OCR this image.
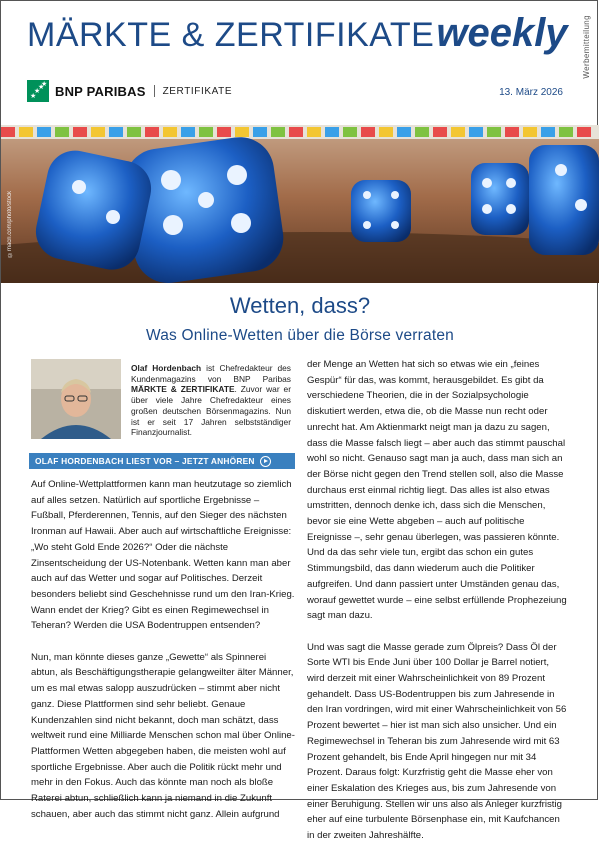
MÄRKTE & ZERTIFIKATEweekly Werbemitteilung
★
★
★
★ BNP PARIBAS ZERTIFIKATE	13. März 2026
©macri.com/photo/stock
Wetten, dass?
Was Online-Wetten über die Börse verraten
Olaf Hordenbach ist Chefredakteur des Kundenmagazins von BNP Paribas MÄRKTE & ZERTIFIKATE. Zuvor war er über viele Jahre Chefredakteur eines großen deutschen Börsenmagazins. Nun ist er seit 17 Jahren selbstständiger Finanzjournalist.
OLAF HORDENBACH LIEST VOR – JETZT ANHÖREN

Auf Online-Wettplattformen kann man heutzutage so ziemlich auf alles setzen. Natürlich auf sportliche Ergebnisse – Fußball, Pferderennen, Tennis, auf den Sieger des nächsten Ironman auf Hawaii. Aber auch auf wirtschaftliche Ereignisse: „Wo steht Gold Ende 2026?“ Oder die nächste Zinsentscheidung der US-Notenbank. Wetten kann man aber auch auf das Wetter und sogar auf Politisches. Derzeit besonders beliebt sind Geschehnisse rund um den Iran-Krieg. Wann endet der Krieg? Gibt es einen Regimewechsel in Teheran? Werden die USA Bodentruppen entsenden?

Nun, man könnte dieses ganze „Gewette“ als Spinnerei abtun, als Beschäftigungstherapie gelangweilter älter Männer, um es mal etwas salopp auszudrücken – stimmt aber nicht ganz. Diese Plattformen sind sehr beliebt. Genaue Kundenzahlen sind nicht bekannt, doch man schätzt, dass weltweit rund eine Milliarde Menschen schon mal über Online-Plattformen Wetten abgegeben haben, die meisten wohl auf sportliche Ergebnisse. Aber auch die Politik rückt mehr und mehr in den Fokus. Auch das könnte man noch als bloße Raterei abtun, schließlich kann ja niemand in die Zukunft schauen, aber auch das stimmt nicht ganz. Allein aufgrund

der Menge an Wetten hat sich so etwas wie ein „feines Gespür“ für das, was kommt, herausgebildet. Es gibt da verschiedene Theorien, die in der Sozialpsychologie diskutiert werden, etwa die, ob die Masse nun recht oder unrecht hat. Am Aktienmarkt neigt man ja dazu zu sagen, dass die Masse falsch liegt – aber auch das stimmt pauschal wohl so nicht. Genauso sagt man ja auch, dass man sich an der Börse nicht gegen den Trend stellen soll, also die Masse durchaus erst einmal richtig liegt. Das alles ist also etwas umstritten, dennoch denke ich, dass sich die Menschen, bevor sie eine Wette abgeben – auch auf politische Ereignisse –, sehr genau überlegen, was passieren könnte. Und da das sehr viele tun, ergibt das schon ein gutes Stimmungsbild, das dann wiederum auch die Politiker aufgreifen. Und dann passiert unter Umständen genau das, worauf gewettet wurde – eine selbst erfüllende Prophezeiung sagt man dazu.

Und was sagt die Masse gerade zum Ölpreis? Dass Öl der Sorte WTI bis Ende Juni über 100 Dollar je Barrel notiert, wird derzeit mit einer Wahrscheinlichkeit von 89 Prozent gehandelt. Dass US-Bodentruppen bis zum Jahresende in den Iran vordringen, wird mit einer Wahrscheinlichkeit von 56 Prozent bewertet – hier ist man sich also unsicher. Und ein Regimewechsel in Teheran bis zum Jahresende wird mit 63 Prozent gehandelt, bis Ende April hingegen nur mit 34 Prozent. Daraus folgt: Kurzfristig geht die Masse eher von einer Eskalation des Krieges aus, bis zum Jahresende von einer Beruhigung. Stellen wir uns also als Anleger kurzfristig eher auf eine turbulente Börsenphase ein, mit Kaufchancen in der zweiten Jahreshälfte.
